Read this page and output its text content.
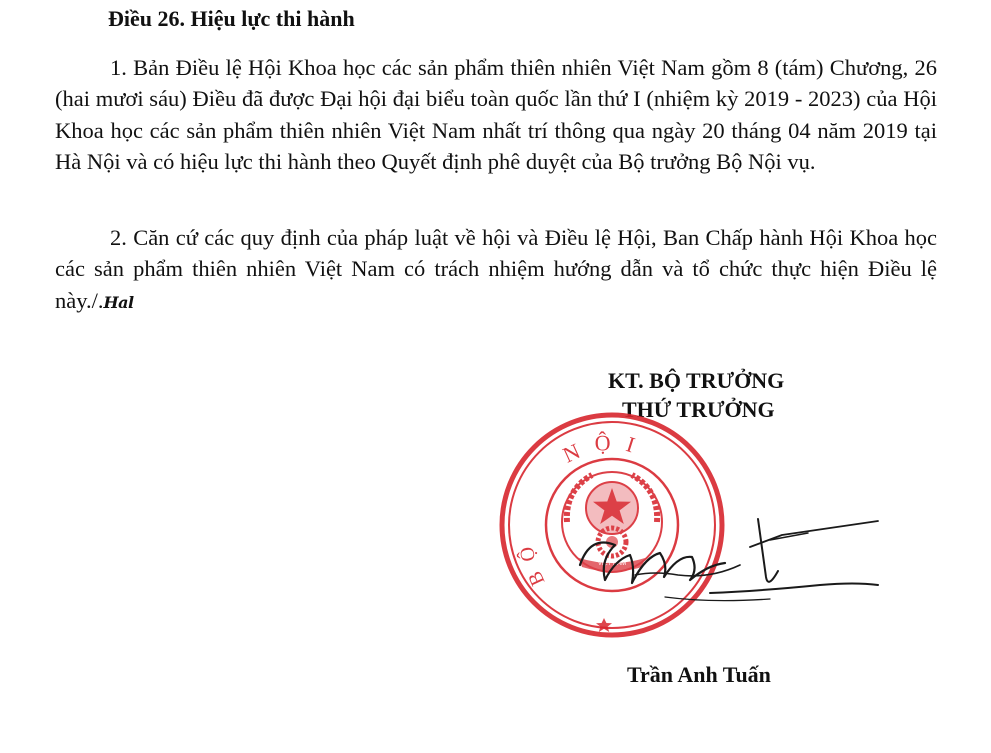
Điều 26. Hiệu lực thi hành

1. Bản Điều lệ Hội Khoa học các sản phẩm thiên nhiên Việt Nam gồm 8 (tám) Chương, 26 (hai mươi sáu) Điều đã được Đại hội đại biểu toàn quốc lần thứ I (nhiệm kỳ 2019 - 2023) của Hội Khoa học các sản phẩm thiên nhiên Việt Nam nhất trí thông qua ngày 20 tháng 04 năm 2019 tại Hà Nội và có hiệu lực thi hành theo Quyết định phê duyệt của Bộ trưởng Bộ Nội vụ.

2. Căn cứ các quy định của pháp luật về hội và Điều lệ Hội, Ban Chấp hành Hội Khoa học các sản phẩm thiên nhiên Việt Nam có trách nhiệm hướng dẫn và tổ chức thực hiện Điều lệ này./.Hal

KT. BỘ TRƯỞNG
THỨ TRƯỞNG
NỘI
BỘ
VIỆT NAM
Trần Anh Tuấn
